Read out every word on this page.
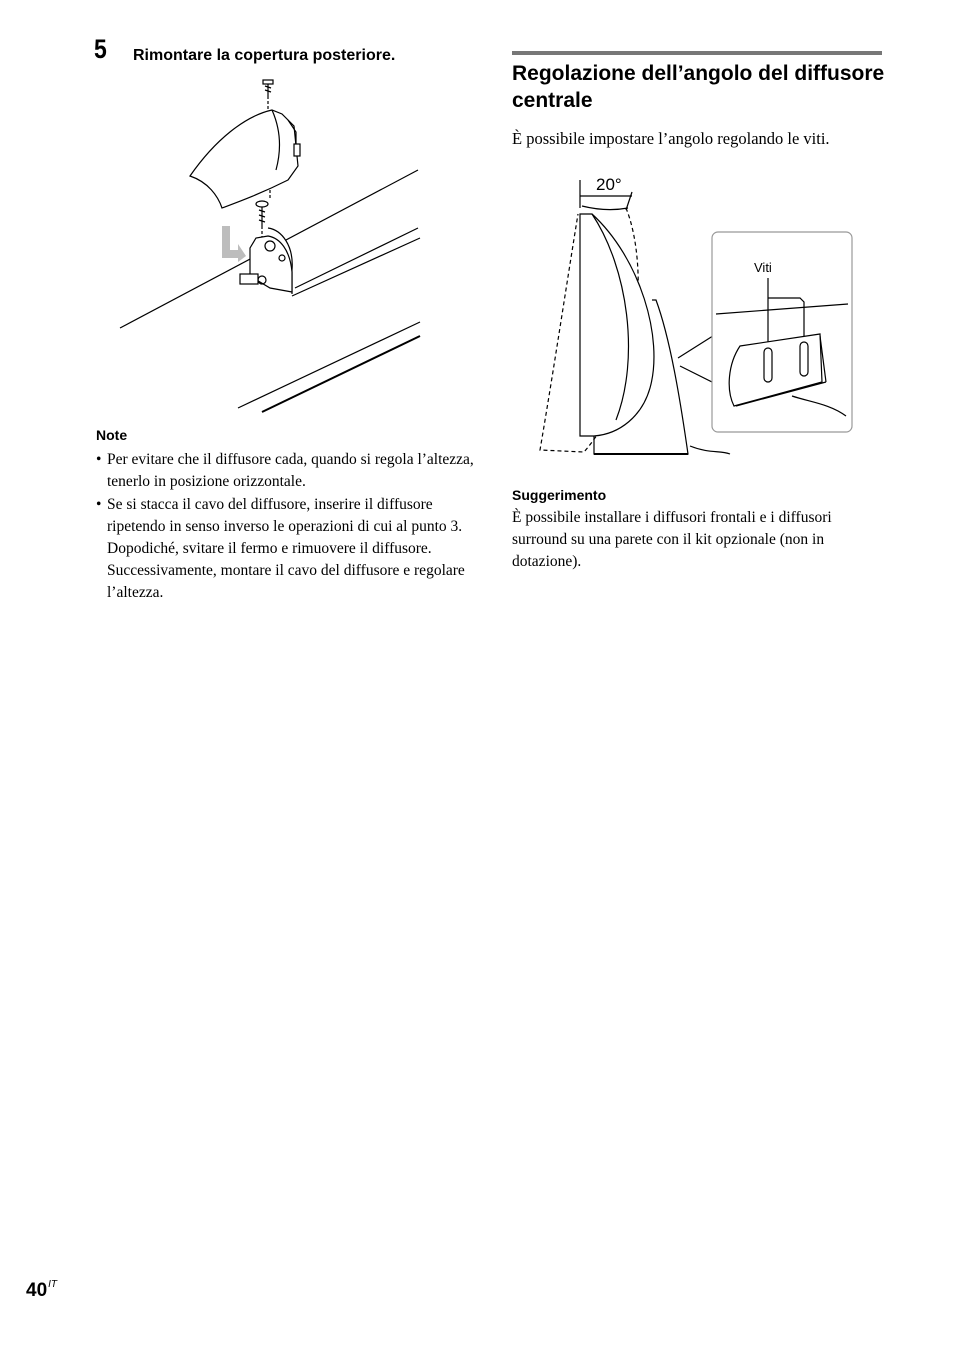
5 Rimontare la copertura posteriore.
Note
• Per evitare che il diffusore cada, quando si regola l’altezza, tenerlo in posizione orizzontale.
• Se si stacca il cavo del diffusore, inserire il diffusore ripetendo in senso inverso le operazioni di cui al punto 3. Dopodiché, svitare il fermo e rimuovere il diffusore. Successivamente, montare il cavo del diffusore e regolare l’altezza.
Regolazione dell’angolo del diffusore centrale
È possibile impostare l’angolo regolando le viti.
20°
Viti
Suggerimento
È possibile installare i diffusori frontali e i diffusori surround su una parete con il kit opzionale (non in dotazione).
$40^{IT}$
